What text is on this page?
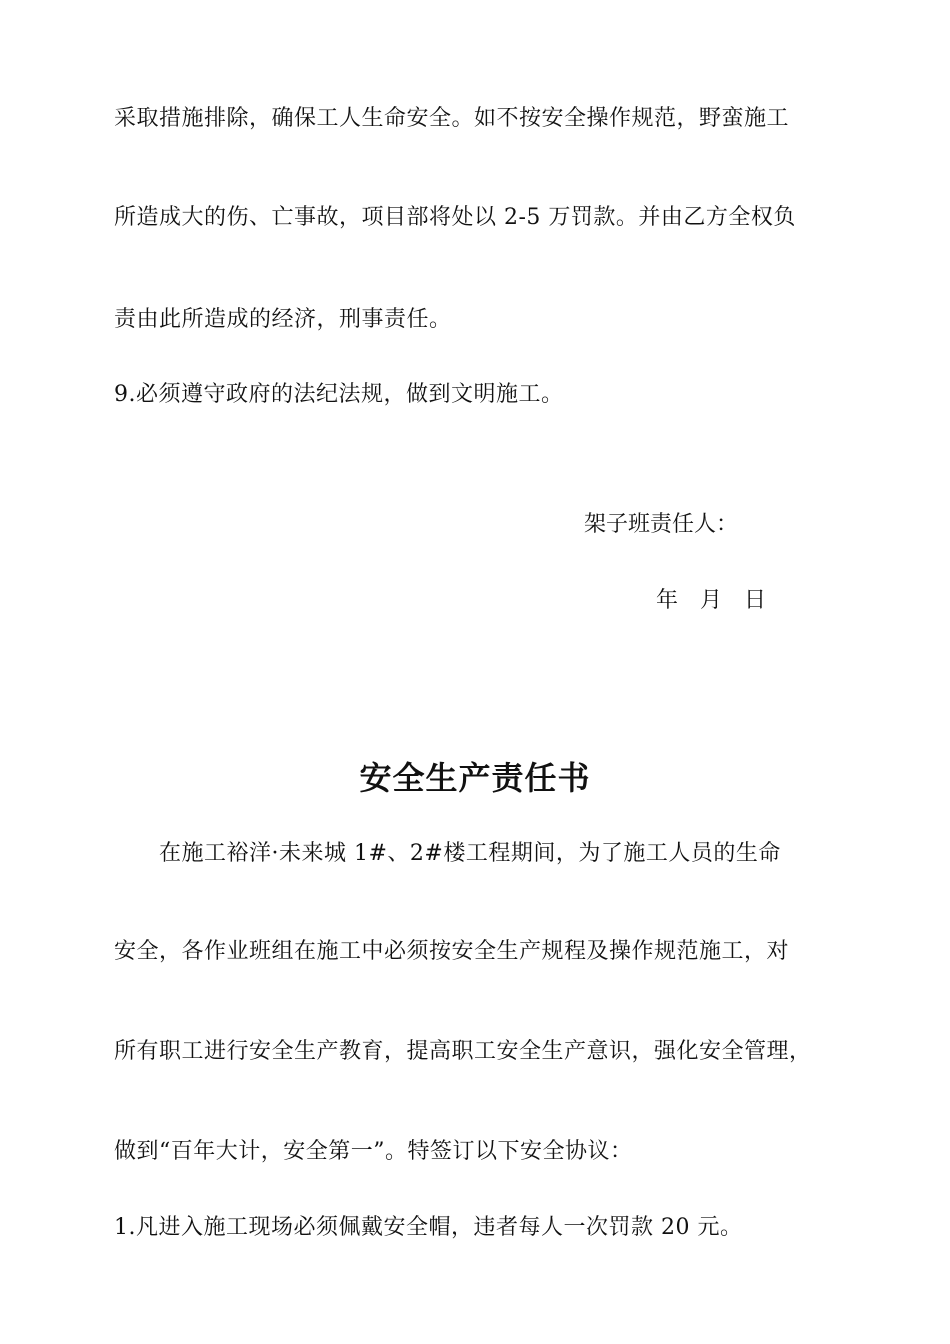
采取措施排除，确保工人生命安全。如不按安全操作规范，野蛮施工
所造成大的伤、亡事故，项目部将处以 2-5 万罚款。并由乙方全权负
责由此所造成的经济，刑事责任。
9.必须遵守政府的法纪法规，做到文明施工。
架子班责任人：
年　月　日
安全生产责任书
　　在施工裕洋·未来城 1#、2#楼工程期间，为了施工人员的生命
安全，各作业班组在施工中必须按安全生产规程及操作规范施工，对
所有职工进行安全生产教育，提高职工安全生产意识，强化安全管理，
做到“百年大计，安全第一”。特签订以下安全协议：
1.凡进入施工现场必须佩戴安全帽，违者每人一次罚款 20 元。
